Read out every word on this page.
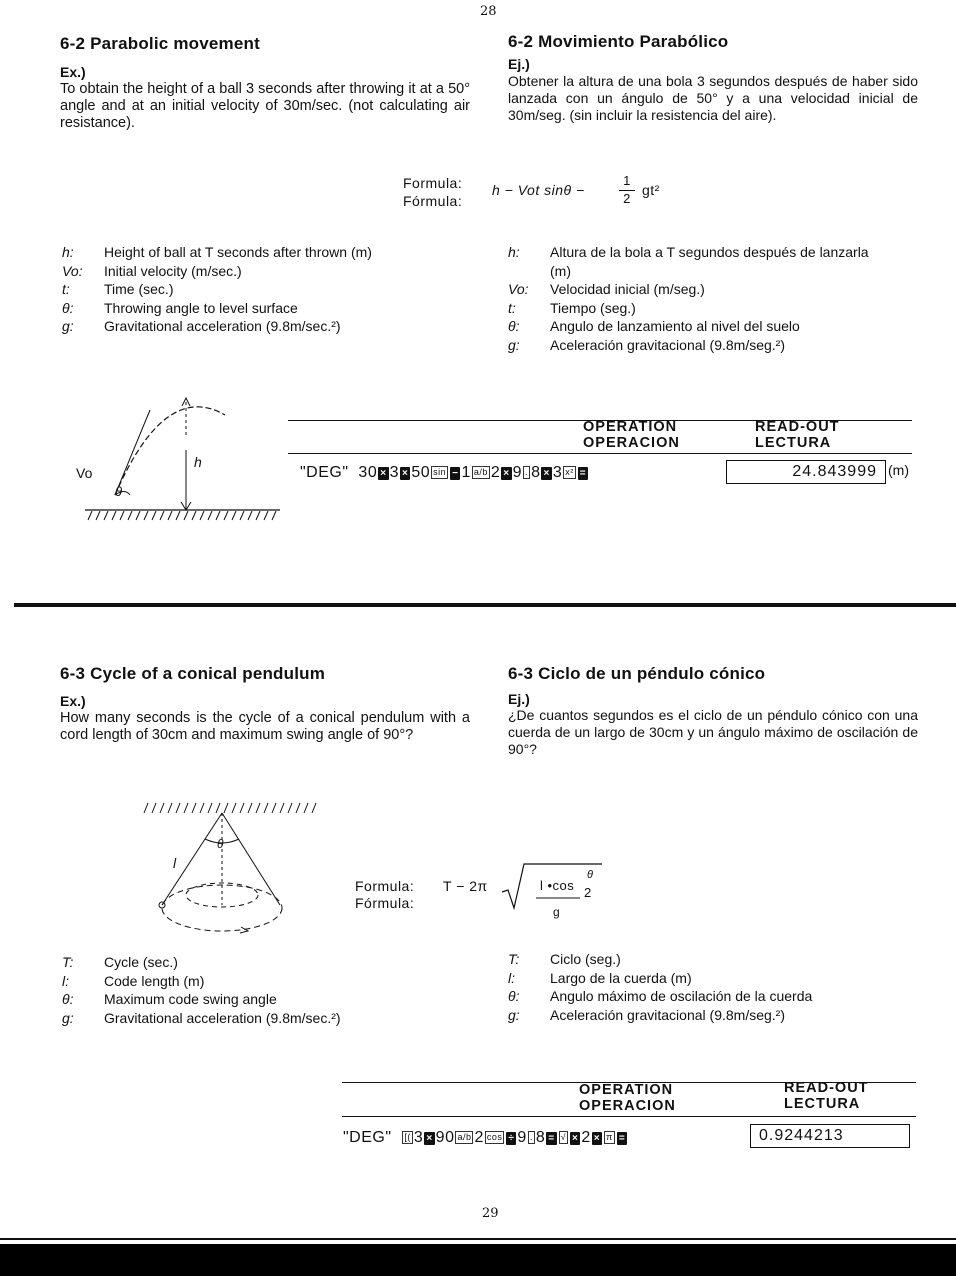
28
6-2 Parabolic movement
Ex.)
To obtain the height of a ball 3 seconds after throwing it at a 50° angle and at an initial velocity of 30m/sec. (not calculating air resistance).
6-2 Movimiento Parabólico
Ej.)
Obtener la altura de una bola 3 segundos después de haber sido lanzada con un ángulo de 50° y a una velocidad inicial de 30m/seg. (sin incluir la resistencia del aire).
Formula:
Fórmula:
h − Vot sinθ −
1
2
gt²
h:	Height of ball at T seconds after thrown (m)
Vo:	Initial velocity (m/sec.)
t:	Time (sec.)
θ:	Throwing angle to level surface
g:	Gravitational acceleration (9.8m/sec.²)
h:	Altura de la bola a T segundos después de lanzarla (m)
Vo:	Velocidad inicial (m/seg.)
t:	Tiempo (seg.)
θ:	Angulo de lanzamiento al nivel del suelo
g:	Aceleración gravitacional (9.8m/seg.²)
Vo
θ
h
OPERATION
OPERACION
READ-OUT
LECTURA
"DEG" 30 × 3 × 50 sin − 1 a/b 2 × 9 . 8 × 3 x² =	24.843999 (m)
6-3 Cycle of a conical pendulum
Ex.)
How many seconds is the cycle of a conical pendulum with a cord length of 30cm and maximum swing angle of 90°?
6-3 Ciclo de un péndulo cónico
Ej.)
¿De cuantos segundos es el ciclo de un péndulo cónico con una cuerda de un largo de 30cm y un ángulo máximo de oscilación de 90°?
l
θ
Formula:
Fórmula:
T − 2π	l •cos
θ
2
g
T:	Cycle (sec.)
l:	Code length (m)
θ:	Maximum code swing angle
g:	Gravitational acceleration (9.8m/sec.²)
T:	Ciclo (seg.)
l:	Largo de la cuerda (m)
θ:	Angulo máximo de oscilación de la cuerda
g:	Aceleración gravitacional (9.8m/seg.²)
OPERATION
OPERACION
READ-OUT
LECTURA
"DEG" [( 3 × 90 a/b 2 cos ÷ 9 . 8 = √ × 2 × π =	0.9244213
29
